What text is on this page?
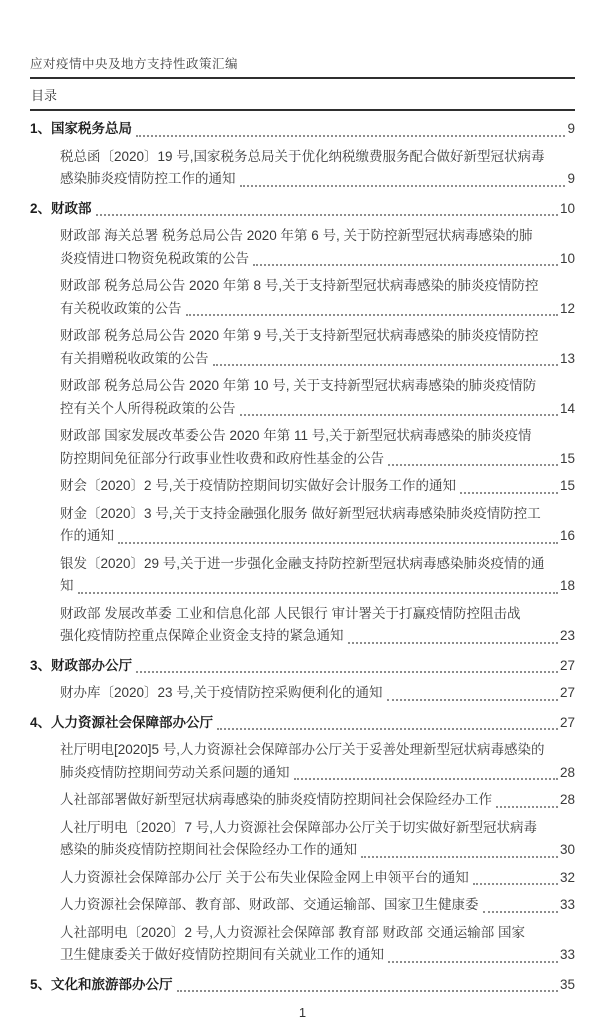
应对疫情中央及地方支持性政策汇编
目录
1、国家税务总局	9
税总函〔2020〕19 号,国家税务总局关于优化纳税缴费服务配合做好新型冠状病毒
感染肺炎疫情防控工作的通知	9
2、财政部	10
财政部 海关总署 税务总局公告 2020 年第 6 号, 关于防控新型冠状病毒感染的肺
炎疫情进口物资免税政策的公告	10
财政部 税务总局公告 2020 年第 8 号,关于支持新型冠状病毒感染的肺炎疫情防控
有关税收政策的公告	12
财政部 税务总局公告 2020 年第 9 号,关于支持新型冠状病毒感染的肺炎疫情防控
有关捐赠税收政策的公告	13
财政部 税务总局公告 2020 年第 10 号, 关于支持新型冠状病毒感染的肺炎疫情防
控有关个人所得税政策的公告	14
财政部 国家发展改革委公告 2020 年第 11 号,关于新型冠状病毒感染的肺炎疫情
防控期间免征部分行政事业性收费和政府性基金的公告	15
财会〔2020〕2 号,关于疫情防控期间切实做好会计服务工作的通知	15
财金〔2020〕3 号,关于支持金融强化服务 做好新型冠状病毒感染肺炎疫情防控工
作的通知	16
银发〔2020〕29 号,关于进一步强化金融支持防控新型冠状病毒感染肺炎疫情的通
知	18
财政部 发展改革委 工业和信息化部 人民银行 审计署关于打赢疫情防控阻击战
强化疫情防控重点保障企业资金支持的紧急通知	23
3、财政部办公厅	27
财办库〔2020〕23 号,关于疫情防控采购便利化的通知	27
4、人力资源社会保障部办公厅	27
社厅明电[2020]5 号,人力资源社会保障部办公厅关于妥善处理新型冠状病毒感染的
肺炎疫情防控期间劳动关系问题的通知	28
人社部部署做好新型冠状病毒感染的肺炎疫情防控期间社会保险经办工作	28
人社厅明电〔2020〕7 号,人力资源社会保障部办公厅关于切实做好新型冠状病毒
感染的肺炎疫情防控期间社会保险经办工作的通知	30
人力资源社会保障部办公厅 关于公布失业保险金网上申领平台的通知	32
人力资源社会保障部、教育部、财政部、交通运输部、国家卫生健康委	33
人社部明电〔2020〕2 号,人力资源社会保障部 教育部 财政部 交通运输部 国家
卫生健康委关于做好疫情防控期间有关就业工作的通知	33
5、文化和旅游部办公厅	35
1
